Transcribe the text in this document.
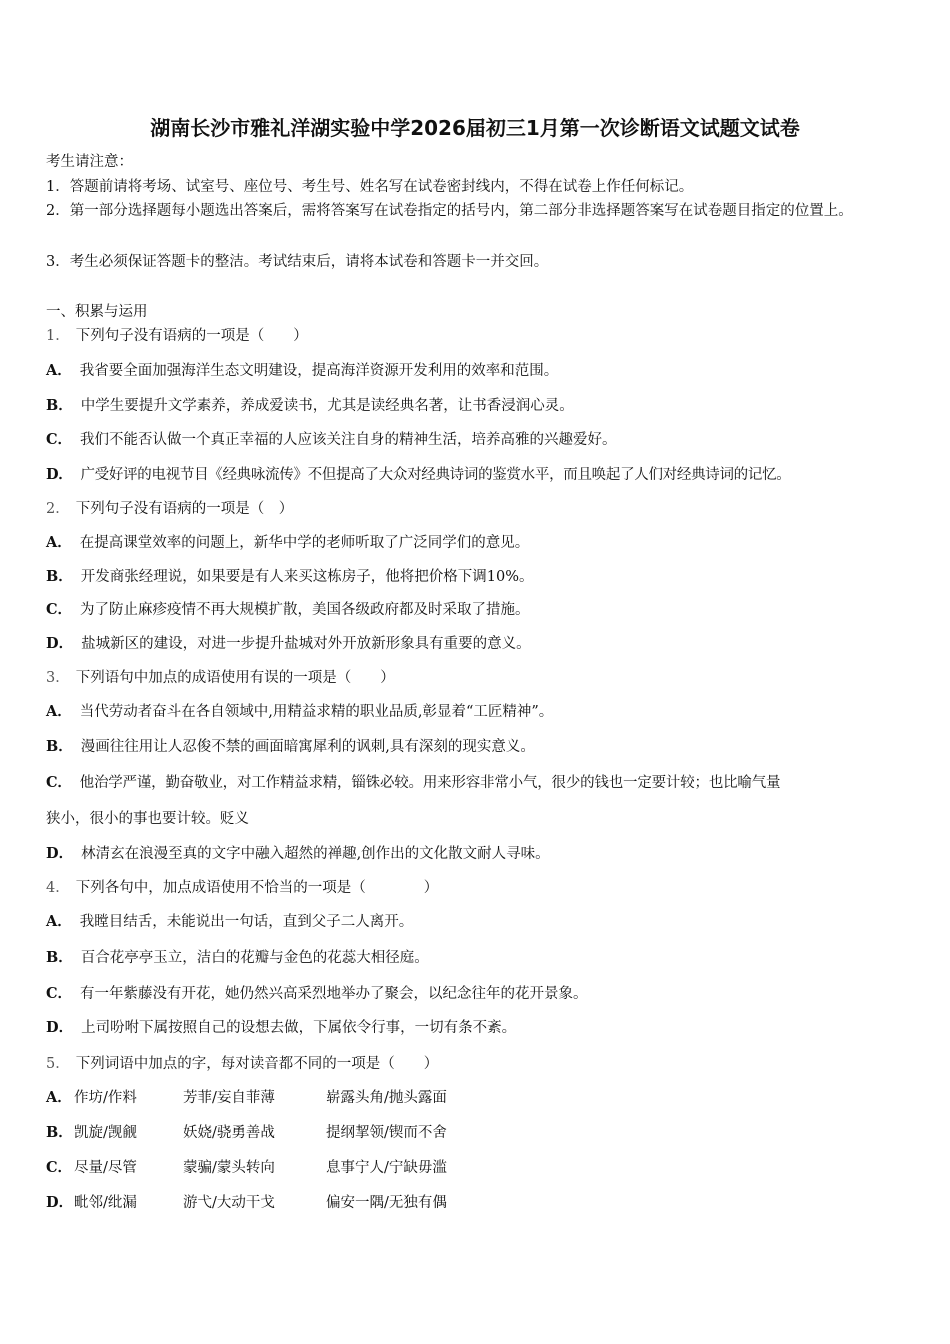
湖南长沙市雅礼洋湖实验中学2026届初三1月第一次诊断语文试题文试卷
考生请注意：
1．答题前请将考场、试室号、座位号、考生号、姓名写在试卷密封线内，不得在试卷上作任何标记。
2．第一部分选择题每小题选出答案后，需将答案写在试卷指定的括号内，第二部分非选择题答案写在试卷题目指定的位置上。
3．考生必须保证答题卡的整洁。考试结束后，请将本试卷和答题卡一并交回。
一、积累与运用
1． 下列句子没有语病的一项是（　　）
A． 我省要全面加强海洋生态文明建设，提高海洋资源开发利用的效率和范围。
B． 中学生要提升文学素养，养成爱读书，尤其是读经典名著，让书香浸润心灵。
C． 我们不能否认做一个真正幸福的人应该关注自身的精神生活，培养高雅的兴趣爱好。
D． 广受好评的电视节目《经典咏流传》不但提高了大众对经典诗词的鉴赏水平，而且唤起了人们对经典诗词的记忆。
2． 下列句子没有语病的一项是（　）
A． 在提高课堂效率的问题上，新华中学的老师听取了广泛同学们的意见。
B． 开发商张经理说，如果要是有人来买这栋房子，他将把价格下调10%。
C． 为了防止麻疹疫情不再大规模扩散，美国各级政府都及时采取了措施。
D． 盐城新区的建设，对进一步提升盐城对外开放新形象具有重要的意义。
3． 下列语句中加点的成语使用有误的一项是（　　）
A． 当代劳动者奋斗在各自领域中,用精益求精的职业品质,彰显着“工匠精神”。
B． 漫画往往用让人忍俊不禁的画面暗寓犀利的讽刺,具有深刻的现实意义。
C． 他治学严谨，勤奋敬业，对工作精益求精，锱铢必较。用来形容非常小气，很少的钱也一定要计较；也比喻气量
狭小，很小的事也要计较。贬义
D． 林清玄在浪漫至真的文字中融入超然的禅趣,创作出的文化散文耐人寻味。
4． 下列各句中，加点成语使用不恰当的一项是（　　　　）
A． 我瞠目结舌，未能说出一句话，直到父子二人离开。
B． 百合花亭亭玉立，洁白的花瓣与金色的花蕊大相径庭。
C． 有一年紫藤没有开花，她仍然兴高采烈地举办了聚会，以纪念往年的花开景象。
D． 上司吩咐下属按照自己的设想去做，下属依令行事，一切有条不紊。
5． 下列词语中加点的字，每对读音都不同的一项是（　　）
A． 作坊/作料	芳菲/妄自菲薄	崭露头角/抛头露面
B． 凯旋/觊觎	妖娆/骁勇善战	提纲挈领/锲而不舍
C． 尽量/尽管	蒙骗/蒙头转向	息事宁人/宁缺毋滥
D． 毗邻/纰漏	游弋/大动干戈	偏安一隅/无独有偶
